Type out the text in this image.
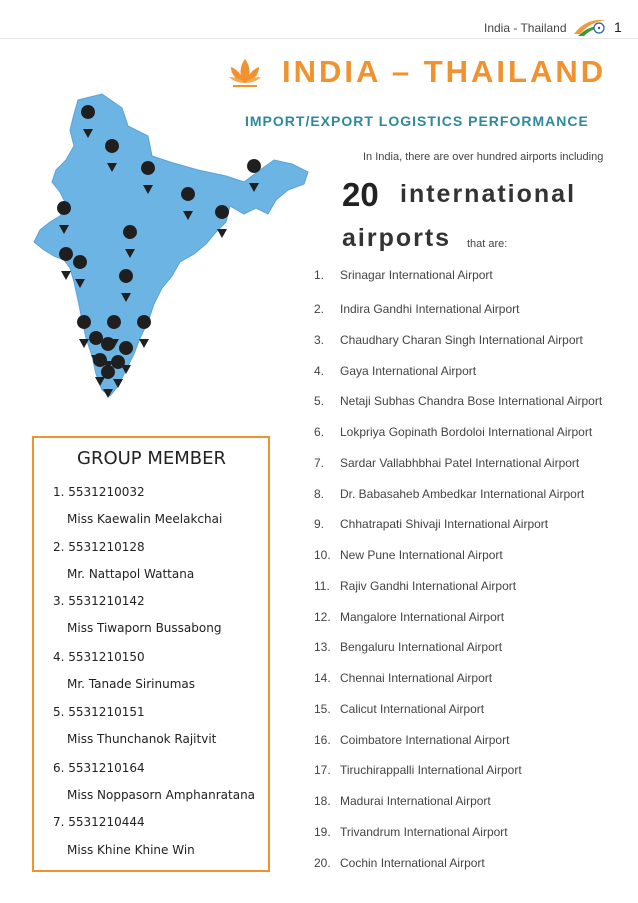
India - Thailand	1
INDIA – THAILAND
IMPORT/EXPORT LOGISTICS PERFORMANCE
In India, there are over hundred airports including
20 international
airports that are:
1. Srinagar International Airport
2. Indira Gandhi International Airport
3. Chaudhary Charan Singh International Airport
4. Gaya International Airport
5. Netaji Subhas Chandra Bose International Airport
6. Lokpriya Gopinath Bordoloi International Airport
7. Sardar Vallabhbhai Patel International Airport
8. Dr. Babasaheb Ambedkar International Airport
9. Chhatrapati Shivaji International Airport
10. New Pune International Airport
11. Rajiv Gandhi International Airport
12. Mangalore International Airport
13. Bengaluru International Airport
14. Chennai International Airport
15. Calicut International Airport
16. Coimbatore International Airport
17. Tiruchirappalli International Airport
18. Madurai International Airport
19. Trivandrum International Airport
20. Cochin International Airport
GROUP MEMBER
1. 5531210032
Miss Kaewalin Meelakchai
2. 5531210128
Mr. Nattapol Wattana
3. 5531210142
Miss Tiwaporn Bussabong
4. 5531210150
Mr. Tanade Sirinumas
5. 5531210151
Miss Thunchanok Rajitvit
6. 5531210164
Miss Noppasorn Amphanratana
7. 5531210444
Miss Khine Khine Win
